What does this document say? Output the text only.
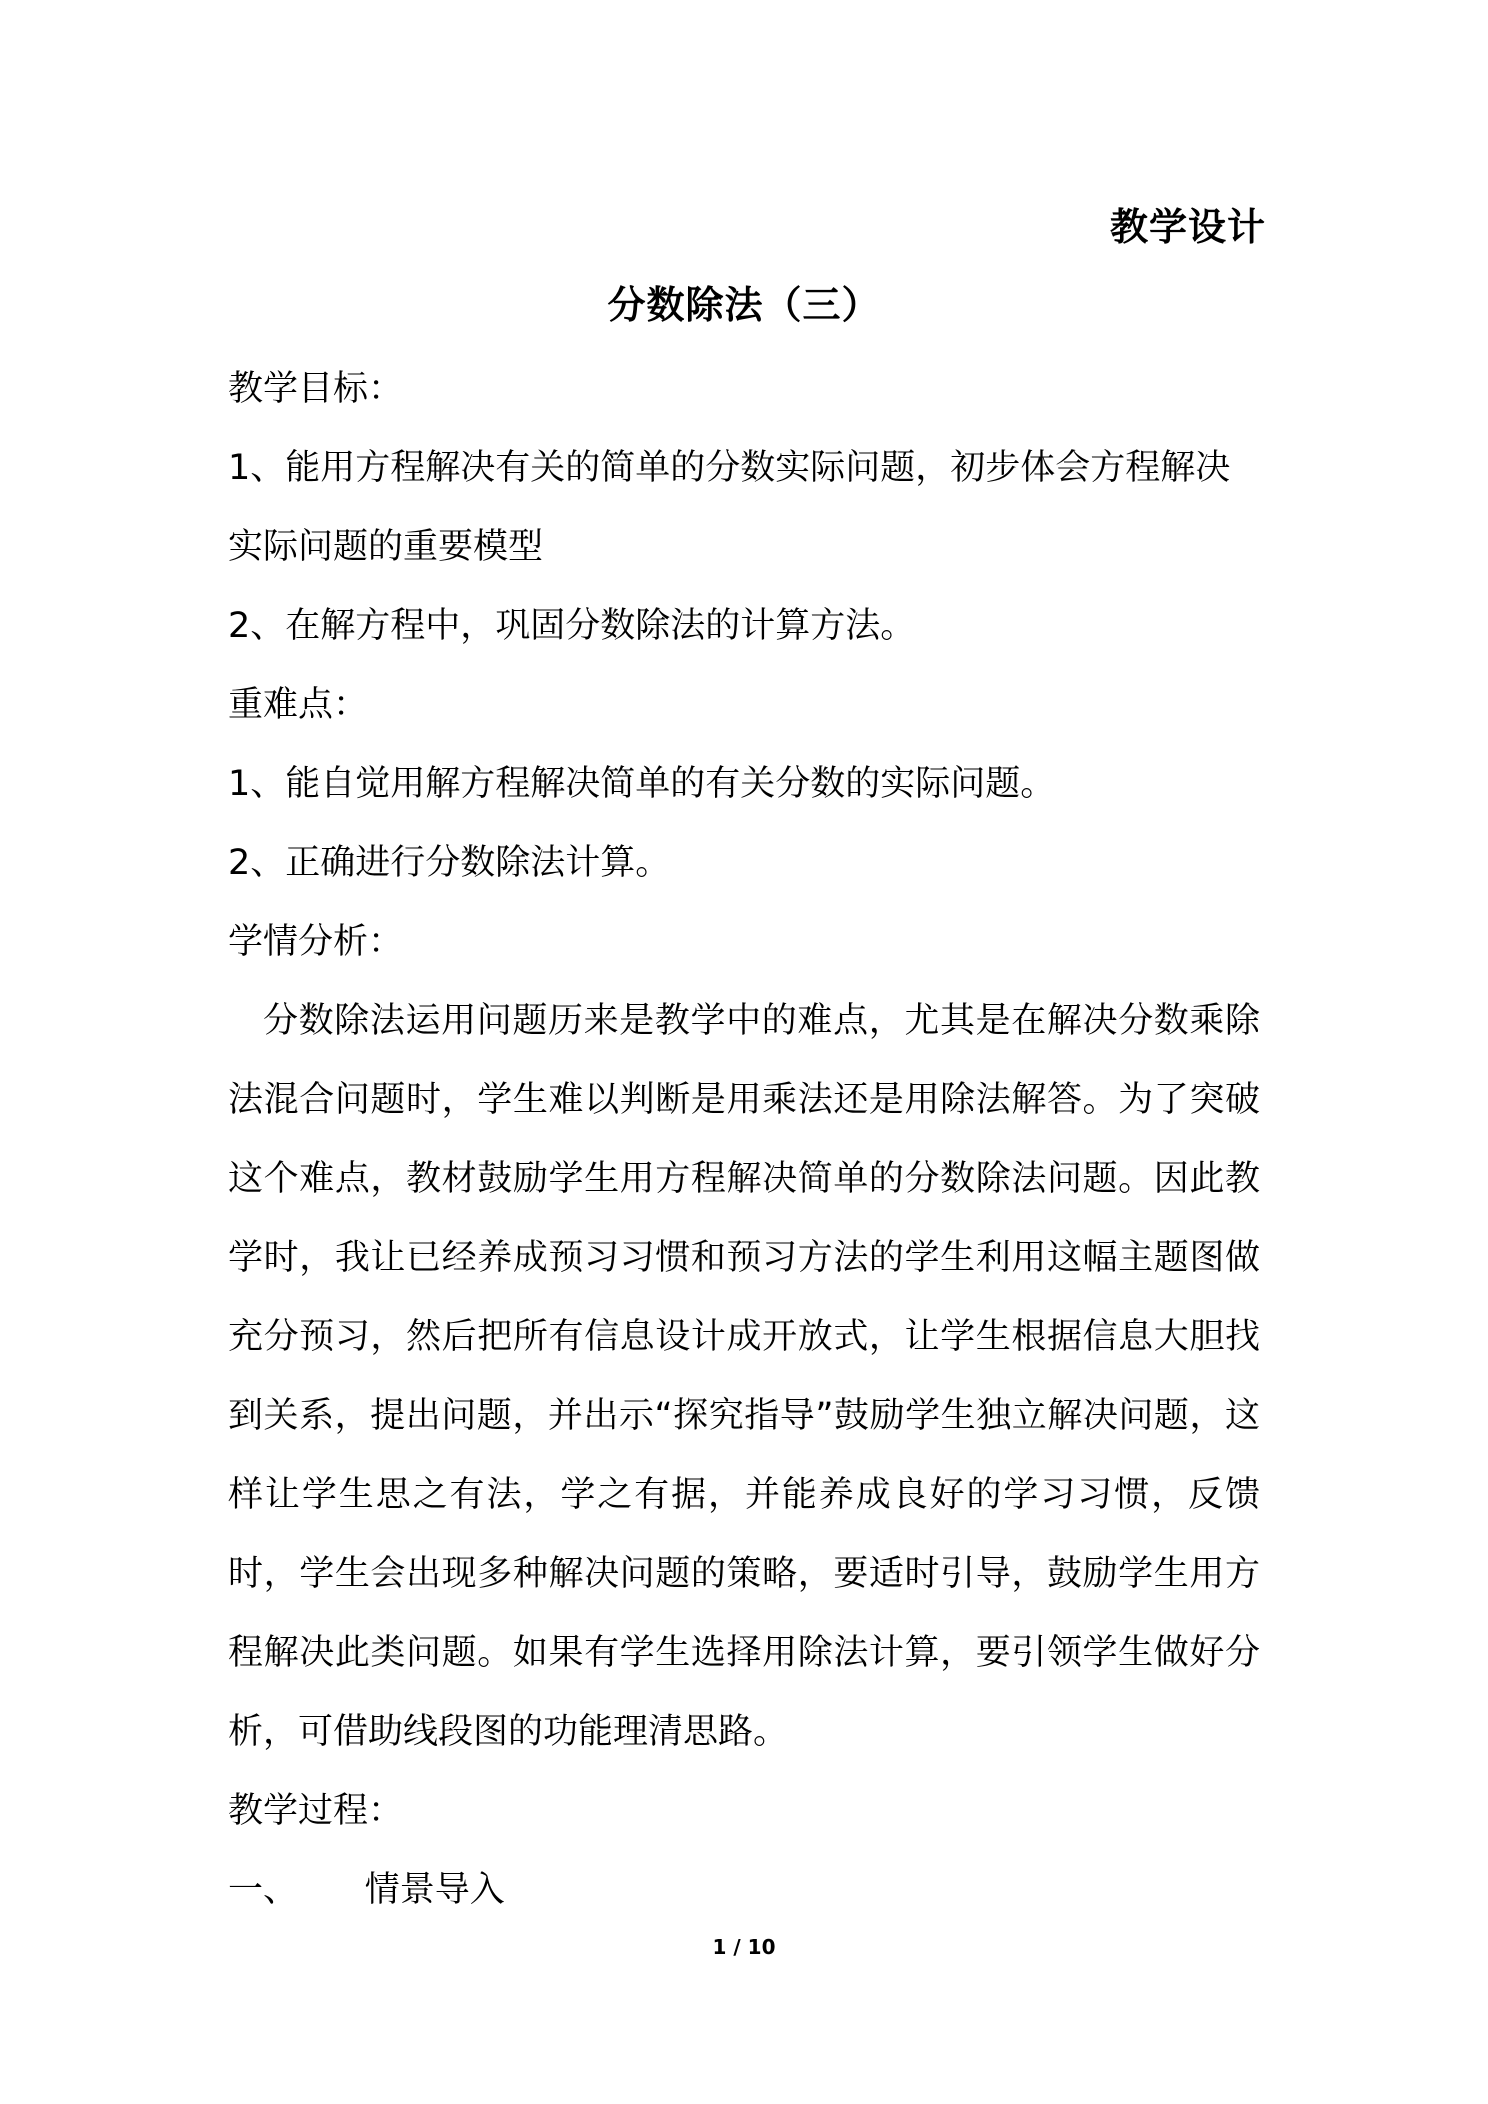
教学设计
分数除法（三）

教学目标：

1、能用方程解决有关的简单的分数实际问题，初步体会方程解决实际问题的重要模型

2、在解方程中，巩固分数除法的计算方法。

重难点：

1、能自觉用解方程解决简单的有关分数的实际问题。

2、正确进行分数除法计算。

学情分析：

分数除法运用问题历来是教学中的难点，尤其是在解决分数乘除法混合问题时，学生难以判断是用乘法还是用除法解答。为了突破这个难点，教材鼓励学生用方程解决简单的分数除法问题。因此教学时，我让已经养成预习习惯和预习方法的学生利用这幅主题图做充分预习，然后把所有信息设计成开放式，让学生根据信息大胆找到关系，提出问题，并出示“探究指导”鼓励学生独立解决问题，这样让学生思之有法，学之有据，并能养成良好的学习习惯，反馈时，学生会出现多种解决问题的策略，要适时引导，鼓励学生用方程解决此类问题。如果有学生选择用除法计算，要引领学生做好分析，可借助线段图的功能理清思路。

教学过程：

一、      情景导入

1 / 10
